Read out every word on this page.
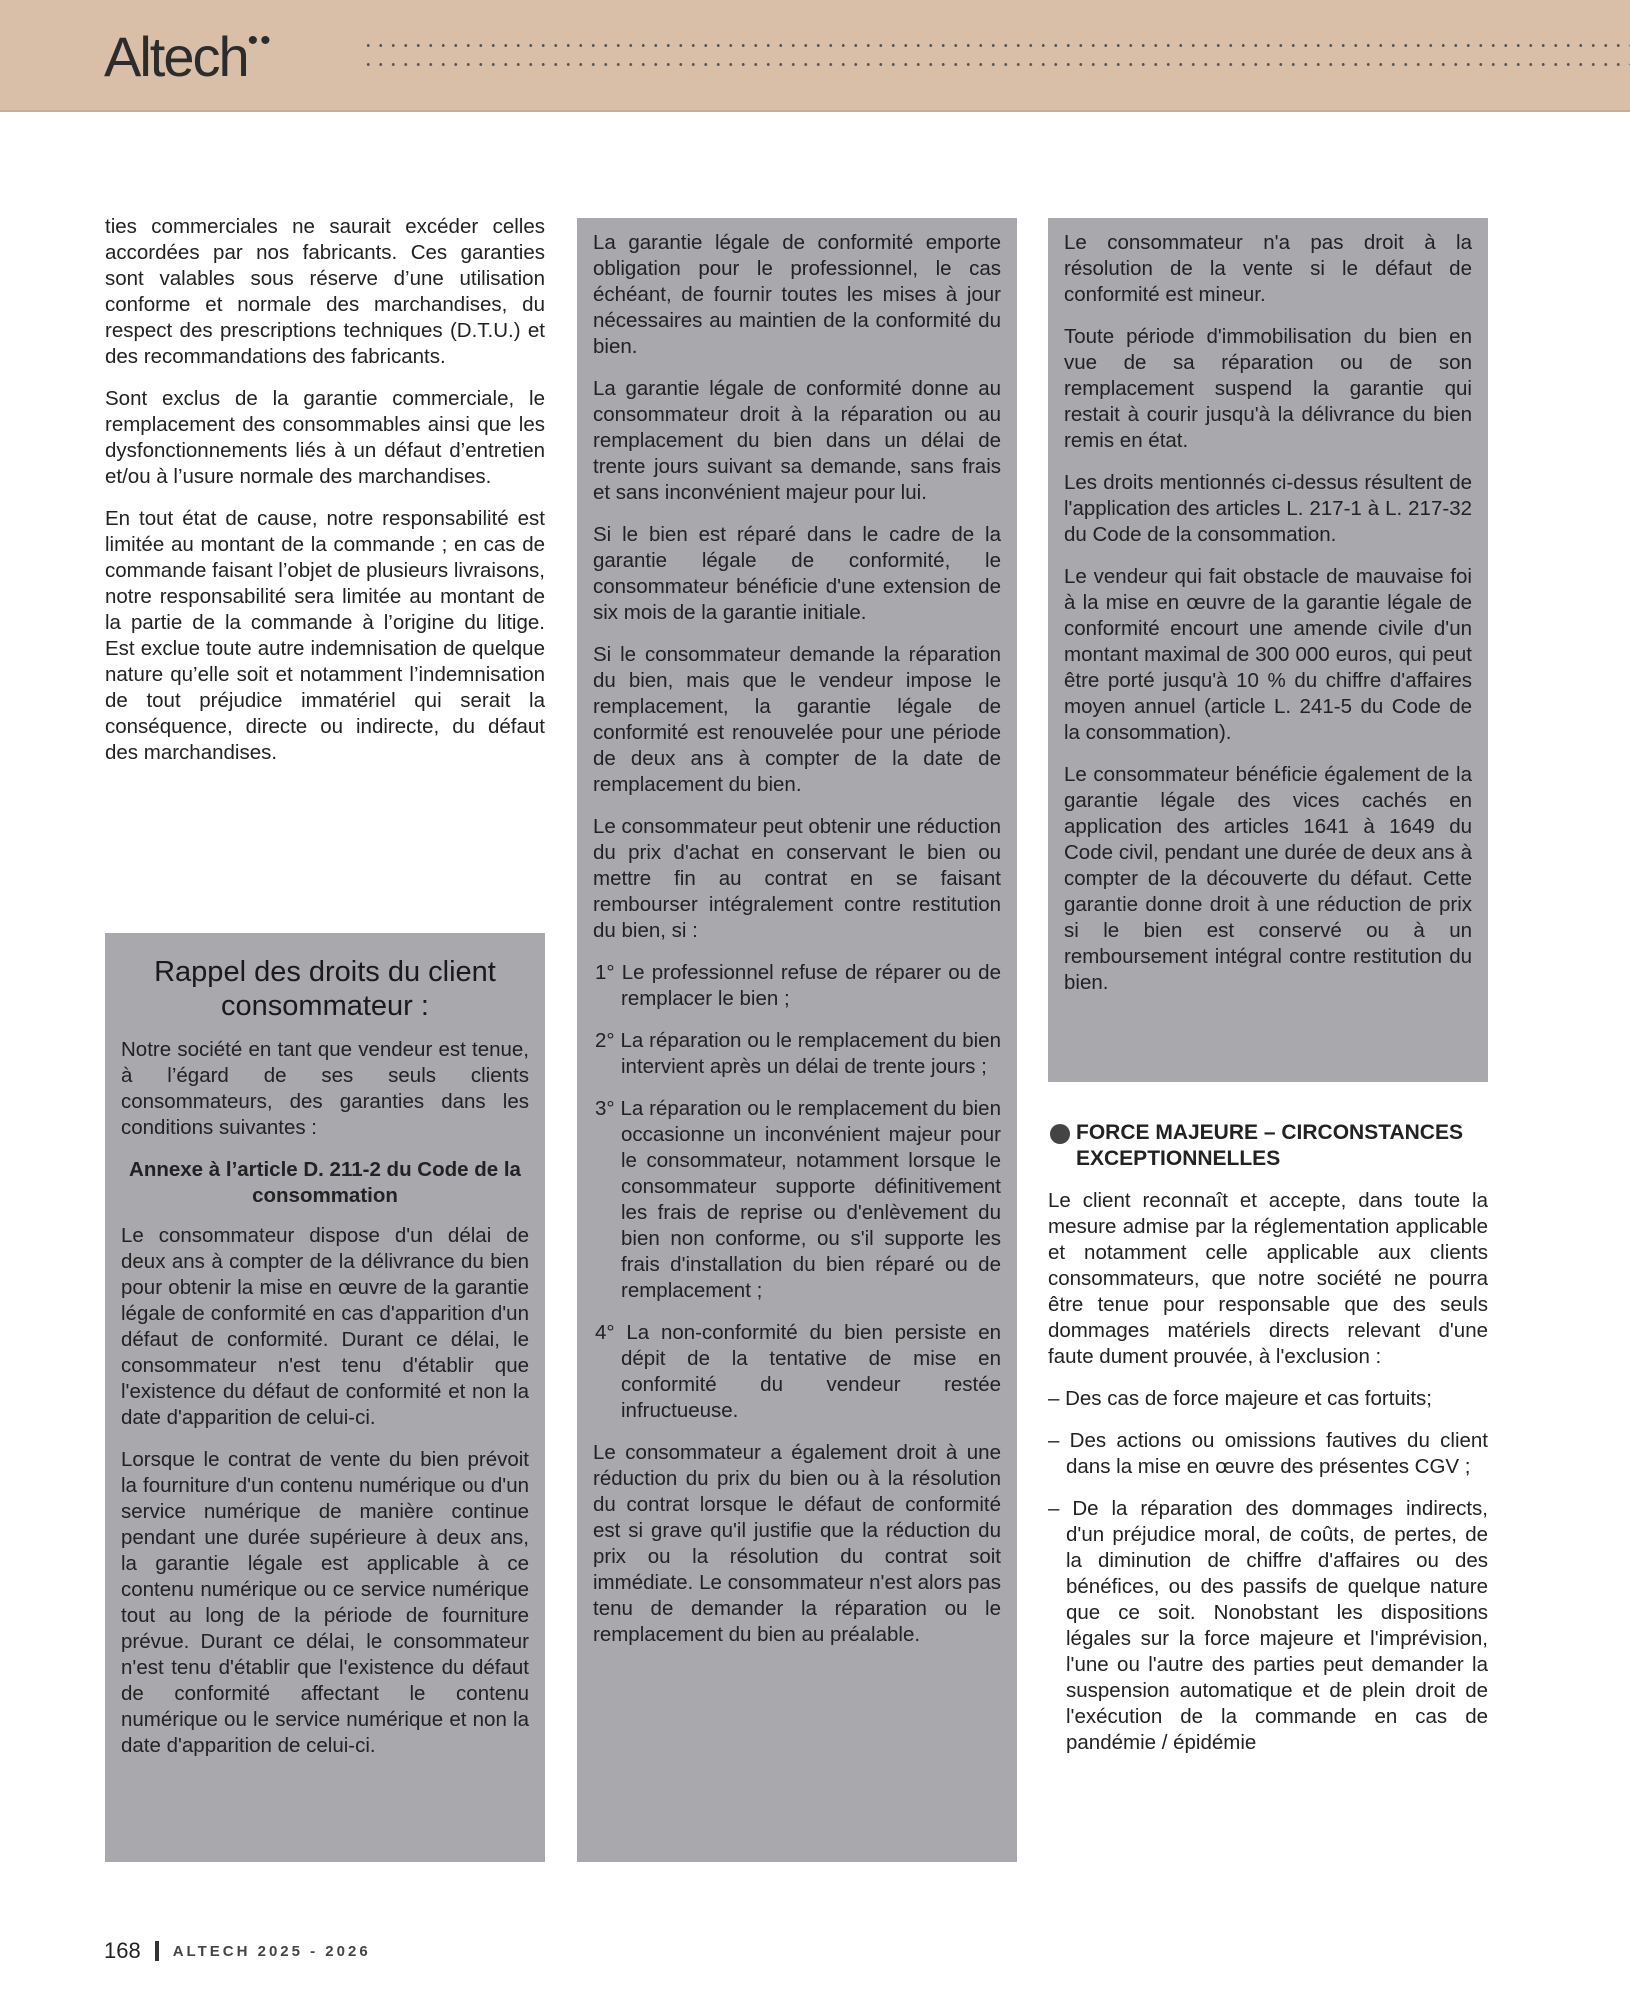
Altech••

ties commerciales ne saurait excéder celles accordées par nos fabricants. Ces garanties sont valables sous réserve d’une utilisation conforme et normale des marchandises, du respect des prescriptions techniques (D.T.U.) et des recommandations des fabricants.

Sont exclus de la garantie commerciale, le remplacement des consommables ainsi que les dysfonctionnements liés à un défaut d’entretien et/ou à l’usure normale des marchandises.

En tout état de cause, notre responsabilité est limitée au montant de la commande ; en cas de commande faisant l’objet de plusieurs livraisons, notre responsabilité sera limitée au montant de la partie de la commande à l’origine du litige. Est exclue toute autre indemnisation de quelque nature qu’elle soit et notamment l’indemnisation de tout préjudice immatériel qui serait la conséquence, directe ou indirecte, du défaut des marchandises.

Rappel des droits du client consommateur :

Notre société en tant que vendeur est tenue, à l’égard de ses seuls clients consommateurs, des garanties dans les conditions suivantes :

Annexe à l’article D. 211-2 du Code de la consommation

Le consommateur dispose d'un délai de deux ans à compter de la délivrance du bien pour obtenir la mise en œuvre de la garantie légale de conformité en cas d'apparition d'un défaut de conformité. Durant ce délai, le consommateur n'est tenu d'établir que l'existence du défaut de conformité et non la date d'apparition de celui-ci.

Lorsque le contrat de vente du bien prévoit la fourniture d'un contenu numérique ou d'un service numérique de manière continue pendant une durée supérieure à deux ans, la garantie légale est applicable à ce contenu numérique ou ce service numérique tout au long de la période de fourniture prévue. Durant ce délai, le consommateur n'est tenu d'établir que l'existence du défaut de conformité affectant le contenu numérique ou le service numérique et non la date d'apparition de celui-ci.

La garantie légale de conformité emporte obligation pour le professionnel, le cas échéant, de fournir toutes les mises à jour nécessaires au maintien de la conformité du bien.

La garantie légale de conformité donne au consommateur droit à la réparation ou au remplacement du bien dans un délai de trente jours suivant sa demande, sans frais et sans inconvénient majeur pour lui.

Si le bien est réparé dans le cadre de la garantie légale de conformité, le consommateur bénéficie d'une extension de six mois de la garantie initiale.

Si le consommateur demande la réparation du bien, mais que le vendeur impose le remplacement, la garantie légale de conformité est renouvelée pour une période de deux ans à compter de la date de remplacement du bien.

Le consommateur peut obtenir une réduction du prix d'achat en conservant le bien ou mettre fin au contrat en se faisant rembourser intégralement contre restitution du bien, si :

1° Le professionnel refuse de réparer ou de remplacer le bien ;

2° La réparation ou le remplacement du bien intervient après un délai de trente jours ;

3° La réparation ou le remplacement du bien occasionne un inconvénient majeur pour le consommateur, notamment lorsque le consommateur supporte définitivement les frais de reprise ou d'enlèvement du bien non conforme, ou s'il supporte les frais d'installation du bien réparé ou de remplacement ;

4° La non-conformité du bien persiste en dépit de la tentative de mise en conformité du vendeur restée infructueuse.

Le consommateur a également droit à une réduction du prix du bien ou à la résolution du contrat lorsque le défaut de conformité est si grave qu'il justifie que la réduction du prix ou la résolution du contrat soit immédiate. Le consommateur n'est alors pas tenu de demander la réparation ou le remplacement du bien au préalable.

Le consommateur n'a pas droit à la résolution de la vente si le défaut de conformité est mineur.

Toute période d'immobilisation du bien en vue de sa réparation ou de son remplacement suspend la garantie qui restait à courir jusqu'à la délivrance du bien remis en état.

Les droits mentionnés ci-dessus résultent de l'application des articles L. 217-1 à L. 217-32 du Code de la consommation.

Le vendeur qui fait obstacle de mauvaise foi à la mise en œuvre de la garantie légale de conformité encourt une amende civile d'un montant maximal de 300 000 euros, qui peut être porté jusqu'à 10 % du chiffre d'affaires moyen annuel (article L. 241-5 du Code de la consommation).

Le consommateur bénéficie également de la garantie légale des vices cachés en application des articles 1641 à 1649 du Code civil, pendant une durée de deux ans à compter de la découverte du défaut. Cette garantie donne droit à une réduction de prix si le bien est conservé ou à un remboursement intégral contre restitution du bien.

FORCE MAJEURE – CIRCONSTANCES EXCEPTIONNELLES

Le client reconnaît et accepte, dans toute la mesure admise par la réglementation applicable et notamment celle applicable aux clients consommateurs, que notre société ne pourra être tenue pour responsable que des seuls dommages matériels directs relevant d'une faute dument prouvée, à l'exclusion :

– Des cas de force majeure et cas fortuits;

– Des actions ou omissions fautives du client dans la mise en œuvre des présentes CGV ;

– De la réparation des dommages indirects, d'un préjudice moral, de coûts, de pertes, de la diminution de chiffre d'affaires ou des bénéfices, ou des passifs de quelque nature que ce soit. Nonobstant les dispositions légales sur la force majeure et l'imprévision, l'une ou l'autre des parties peut demander la suspension automatique et de plein droit de l'exécution de la commande en cas de pandémie / épidémie

168 ALTECH 2025 - 2026
